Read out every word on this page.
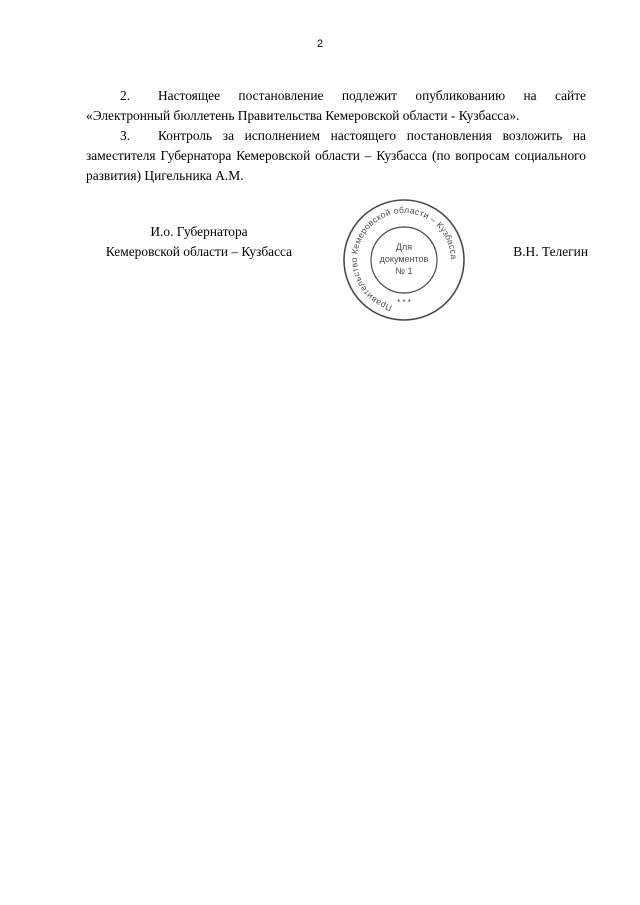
2

2. Настоящее постановление подлежит опубликованию на сайте «Электронный бюллетень Правительства Кемеровской области - Кузбасса».

3. Контроль за исполнением настоящего постановления возложить на заместителя Губернатора Кемеровской области – Кузбасса (по вопросам социального развития) Цигельника А.М.

И.о. Губернатора
Кемеровской области – Кузбасса
Правительство Кемеровской области – Кузбасса
* * *
Для
документов
№ 1
В.Н. Телегин
